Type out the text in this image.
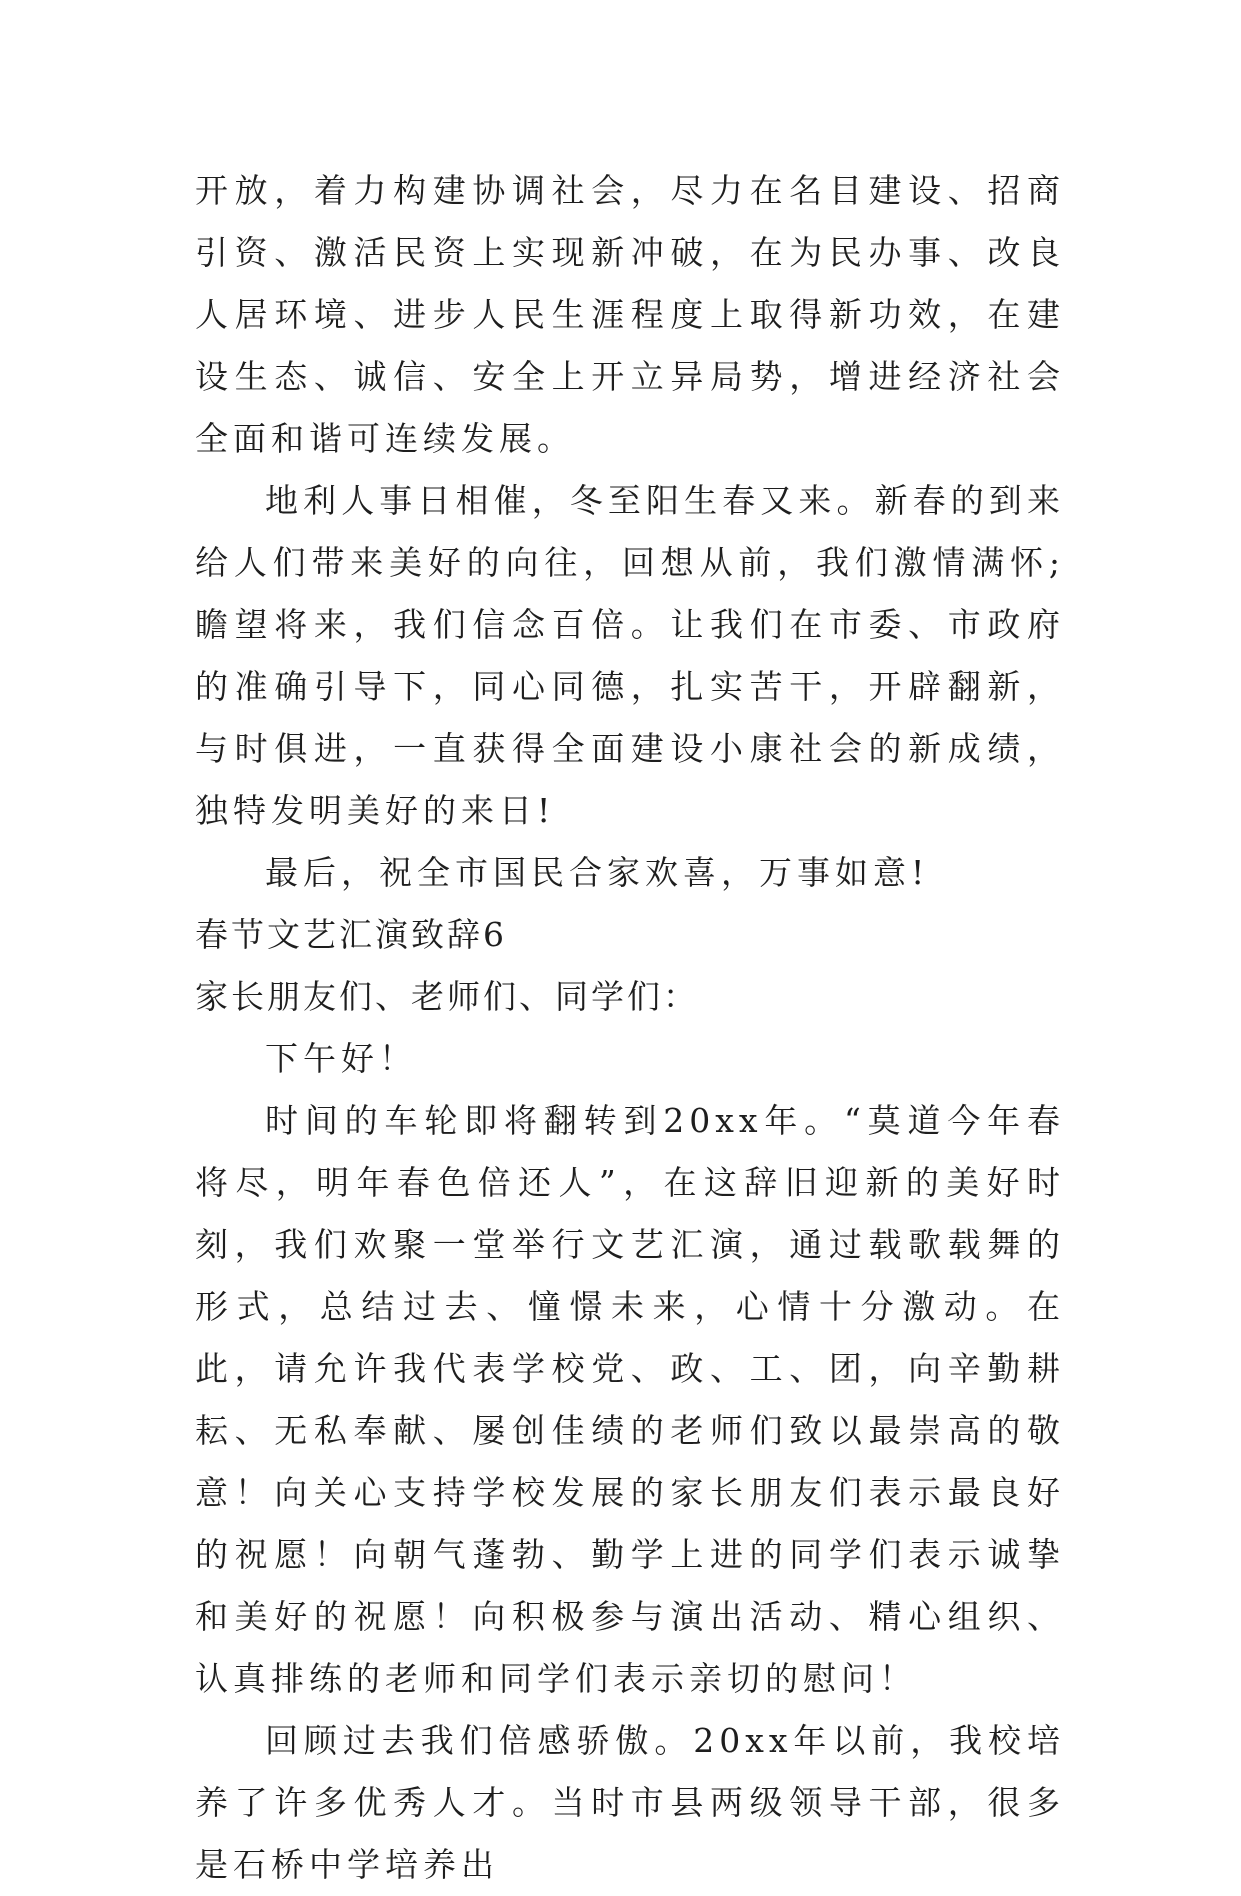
开放，着力构建协调社会，尽力在名目建设、招商引资、激活民资上实现新冲破，在为民办事、改良人居环境、进步人民生涯程度上取得新功效，在建设生态、诚信、安全上开立异局势，增进经济社会全面和谐可连续发展。

地利人事日相催，冬至阳生春又来。新春的到来给人们带来美好的向往，回想从前，我们激情满怀;瞻望将来，我们信念百倍。让我们在市委、市政府的准确引导下，同心同德，扎实苦干，开辟翻新，与时俱进，一直获得全面建设小康社会的新成绩，独特发明美好的来日!

最后，祝全市国民合家欢喜，万事如意!

春节文艺汇演致辞6

家长朋友们、老师们、同学们：

下午好！

时间的车轮即将翻转到20xx年。“莫道今年春将尽，明年春色倍还人”，在这辞旧迎新的美好时刻，我们欢聚一堂举行文艺汇演，通过载歌载舞的形式，总结过去、憧憬未来，心情十分激动。在此，请允许我代表学校党、政、工、团，向辛勤耕耘、无私奉献、屡创佳绩的老师们致以最崇高的敬意！向关心支持学校发展的家长朋友们表示最良好的祝愿！向朝气蓬勃、勤学上进的同学们表示诚挚和美好的祝愿！向积极参与演出活动、精心组织、认真排练的老师和同学们表示亲切的慰问！

回顾过去我们倍感骄傲。20xx年以前，我校培养了许多优秀人才。当时市县两级领导干部，很多是石桥中学培养出
